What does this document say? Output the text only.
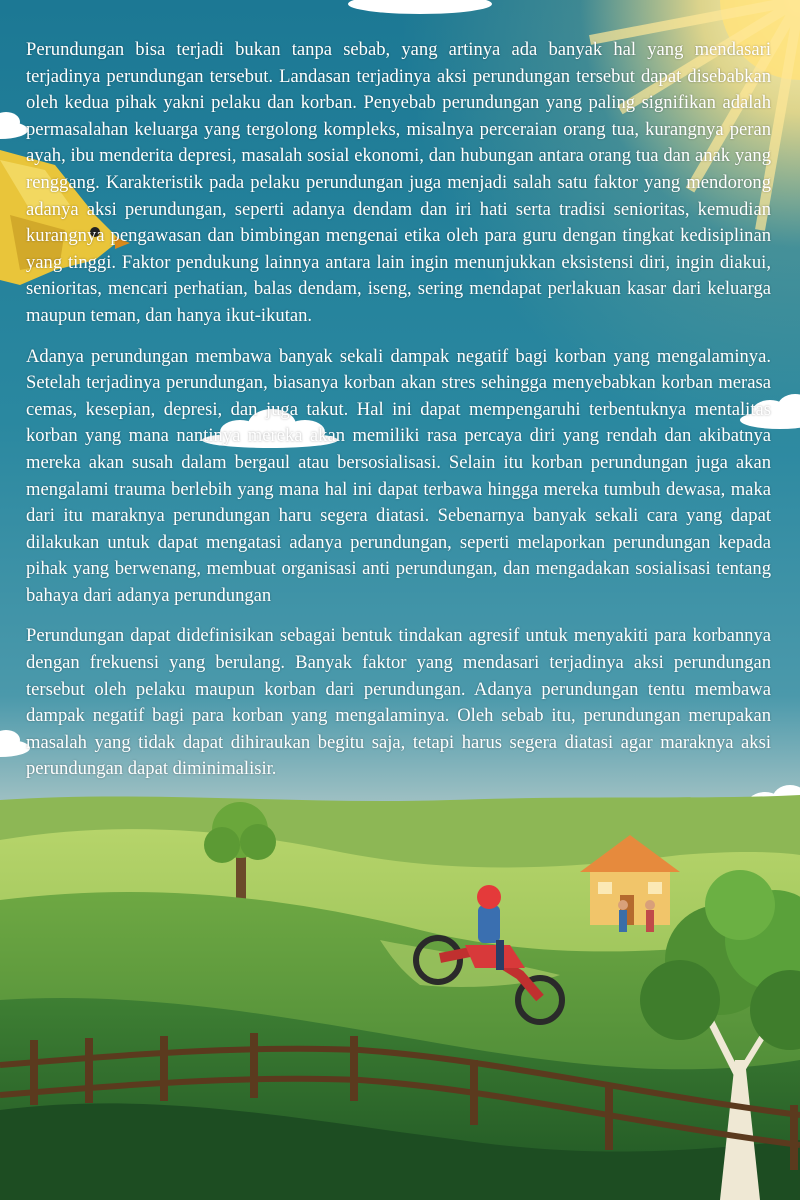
Perundungan bisa terjadi bukan tanpa sebab, yang artinya ada banyak hal yang mendasari terjadinya perundungan tersebut. Landasan terjadinya aksi perundungan tersebut dapat disebabkan oleh kedua pihak yakni pelaku dan korban. Penyebab perundungan yang paling signifikan adalah permasalahan keluarga yang tergolong kompleks, misalnya perceraian orang tua, kurangnya peran ayah, ibu menderita depresi, masalah sosial ekonomi, dan hubungan antara orang tua dan anak yang renggang. Karakteristik pada pelaku perundungan juga menjadi salah satu faktor yang mendorong adanya aksi perundungan, seperti adanya dendam dan iri hati serta tradisi senioritas, kemudian kurangnya pengawasan dan bimbingan mengenai etika oleh para guru dengan tingkat kedisiplinan yang tinggi. Faktor pendukung lainnya antara lain ingin menunjukkan eksistensi diri, ingin diakui, senioritas, mencari perhatian, balas dendam, iseng, sering mendapat perlakuan kasar dari keluarga maupun teman, dan hanya ikut-ikutan.

Adanya perundungan membawa banyak sekali dampak negatif bagi korban yang mengalaminya. Setelah terjadinya perundungan, biasanya korban akan stres sehingga menyebabkan korban merasa cemas, kesepian, depresi, dan juga takut. Hal ini dapat mempengaruhi terbentuknya mentalitas korban yang mana nantinya mereka akan memiliki rasa percaya diri yang rendah dan akibatnya mereka akan susah dalam bergaul atau bersosialisasi. Selain itu korban perundungan juga akan mengalami trauma berlebih yang mana hal ini dapat terbawa hingga mereka tumbuh dewasa, maka dari itu maraknya perundungan haru segera diatasi. Sebenarnya banyak sekali cara yang dapat dilakukan untuk dapat mengatasi adanya perundungan, seperti melaporkan perundungan kepada pihak yang berwenang, membuat organisasi anti perundungan, dan mengadakan sosialisasi tentang bahaya dari adanya perundungan

Perundungan dapat didefinisikan sebagai bentuk tindakan agresif untuk menyakiti para korbannya dengan frekuensi yang berulang. Banyak faktor yang mendasari terjadinya aksi perundungan tersebut oleh pelaku maupun korban dari perundungan. Adanya perundungan tentu membawa dampak negatif bagi para korban yang mengalaminya. Oleh sebab itu, perundungan merupakan masalah yang tidak dapat dihiraukan begitu saja, tetapi harus segera diatasi agar maraknya aksi perundungan dapat diminimalisir.
